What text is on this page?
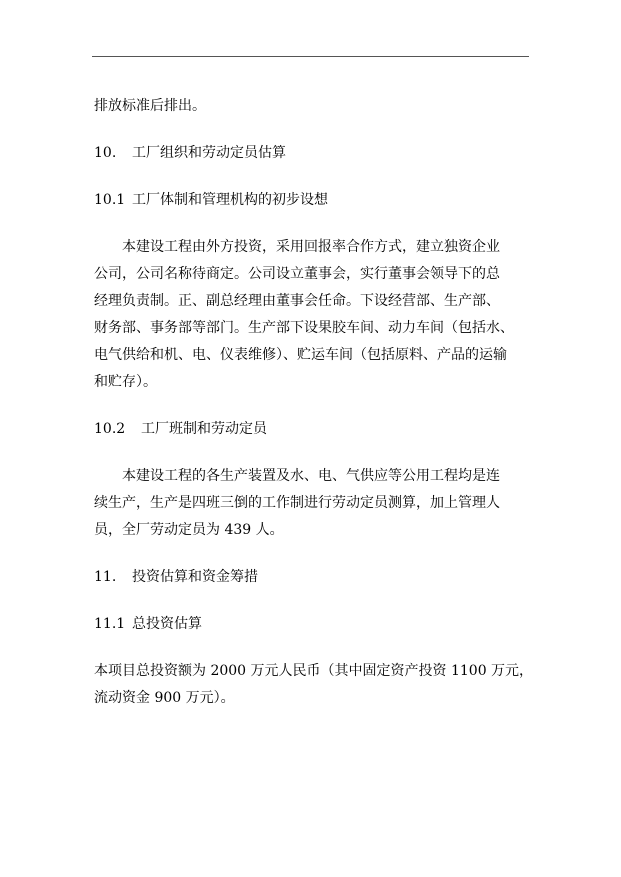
排放标准后排出。

10. 工厂组织和劳动定员估算
10.1 工厂体制和管理机构的初步设想

本建设工程由外方投资，采用回报率合作方式，建立独资企业

公司，公司名称待商定。公司设立董事会，实行董事会领导下的总

经理负责制。正、副总经理由董事会任命。下设经营部、生产部、

财务部、事务部等部门。生产部下设果胶车间、动力车间（包括水、

电气供给和机、电、仪表维修）、贮运车间（包括原料、产品的运输

和贮存）。

10.2 工厂班制和劳动定员

本建设工程的各生产装置及水、电、气供应等公用工程均是连

续生产，生产是四班三倒的工作制进行劳动定员测算，加上管理人

员，全厂劳动定员为 439 人。

11. 投资估算和资金筹措
11.1 总投资估算

本项目总投资额为 2000 万元人民币（其中固定资产投资 1100 万元，

流动资金 900 万元）。
